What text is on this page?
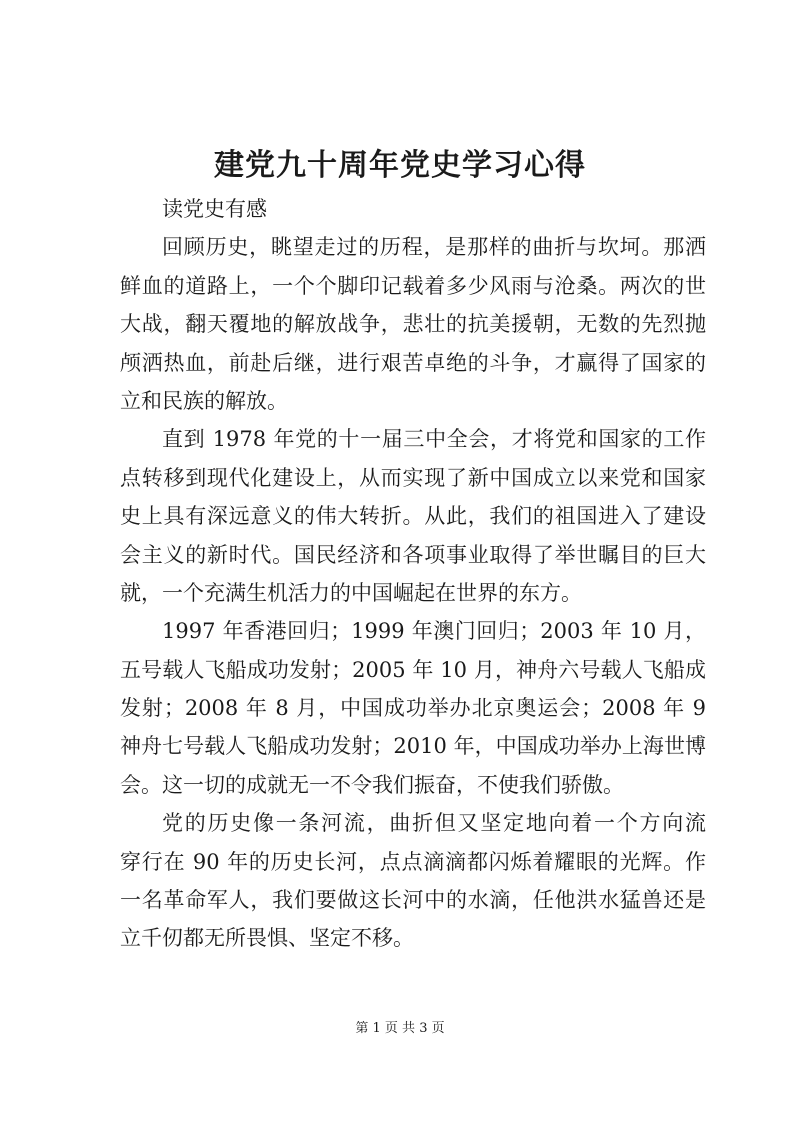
建党九十周年党史学习心得
读党史有感
回顾历史，眺望走过的历程，是那样的曲折与坎坷。那洒
鲜血的道路上，一个个脚印记载着多少风雨与沧桑。两次的世
大战，翻天覆地的解放战争，悲壮的抗美援朝，无数的先烈抛
颅洒热血，前赴后继，进行艰苦卓绝的斗争，才赢得了国家的
立和民族的解放。
直到 1978 年党的十一届三中全会，才将党和国家的工作
点转移到现代化建设上，从而实现了新中国成立以来党和国家
史上具有深远意义的伟大转折。从此，我们的祖国进入了建设
会主义的新时代。国民经济和各项事业取得了举世瞩目的巨大
就，一个充满生机活力的中国崛起在世界的东方。
1997 年香港回归；1999 年澳门回归；2003 年 10 月，
五号载人飞船成功发射；2005 年 10 月，神舟六号载人飞船成
发射；2008 年 8 月，中国成功举办北京奥运会；2008 年 9
神舟七号载人飞船成功发射；2010 年，中国成功举办上海世博
会。这一切的成就无一不令我们振奋，不使我们骄傲。
党的历史像一条河流，曲折但又坚定地向着一个方向流
穿行在 90 年的历史长河，点点滴滴都闪烁着耀眼的光辉。作
一名革命军人，我们要做这长河中的水滴，任他洪水猛兽还是
立千仞都无所畏惧、坚定不移。
第 1 页 共 3 页
